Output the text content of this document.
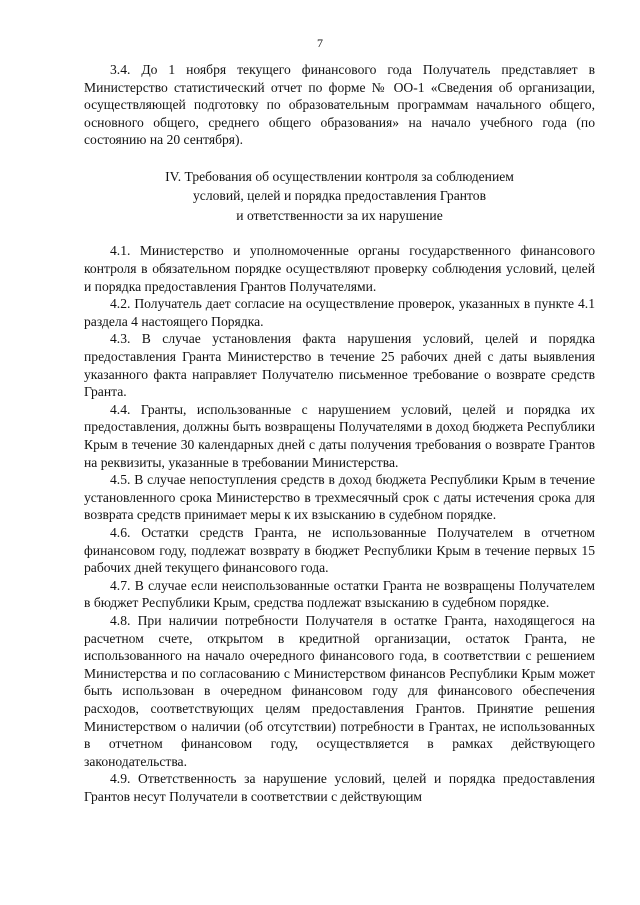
7

3.4. До 1 ноября текущего финансового года Получатель представляет в Министерство статистический отчет по форме № ОО-1 «Сведения об организации, осуществляющей подготовку по образовательным программам начального общего, основного общего, среднего общего образования» на начало учебного года (по состоянию на 20 сентября).

IV. Требования об осуществлении контроля за соблюдением
условий, целей и порядка предоставления Грантов
и ответственности за их нарушение

4.1. Министерство и уполномоченные органы государственного финансового контроля в обязательном порядке осуществляют проверку соблюдения условий, целей и порядка предоставления Грантов Получателями.

4.2. Получатель дает согласие на осуществление проверок, указанных в пункте 4.1 раздела 4 настоящего Порядка.

4.3. В случае установления факта нарушения условий, целей и порядка предоставления Гранта Министерство в течение 25 рабочих дней с даты выявления указанного факта направляет Получателю письменное требование о возврате средств Гранта.

4.4. Гранты, использованные с нарушением условий, целей и порядка их предоставления, должны быть возвращены Получателями в доход бюджета Республики Крым в течение 30 календарных дней с даты получения требования о возврате Грантов на реквизиты, указанные в требовании Министерства.

4.5. В случае непоступления средств в доход бюджета Республики Крым в течение установленного срока Министерство в трехмесячный срок с даты истечения срока для возврата средств принимает меры к их взысканию в судебном порядке.

4.6. Остатки средств Гранта, не использованные Получателем в отчетном финансовом году, подлежат возврату в бюджет Республики Крым в течение первых 15 рабочих дней текущего финансового года.

4.7. В случае если неиспользованные остатки Гранта не возвращены Получателем в бюджет Республики Крым, средства подлежат взысканию в судебном порядке.

4.8. При наличии потребности Получателя в остатке Гранта, находящегося на расчетном счете, открытом в кредитной организации, остаток Гранта, не использованного на начало очередного финансового года, в соответствии с решением Министерства и по согласованию с Министерством финансов Республики Крым может быть использован в очередном финансовом году для финансового обеспечения расходов, соответствующих целям предоставления Грантов. Принятие решения Министерством о наличии (об отсутствии) потребности в Грантах, не использованных в отчетном финансовом году, осуществляется в рамках действующего законодательства.

4.9. Ответственность за нарушение условий, целей и порядка предоставления Грантов несут Получатели в соответствии с действующим
